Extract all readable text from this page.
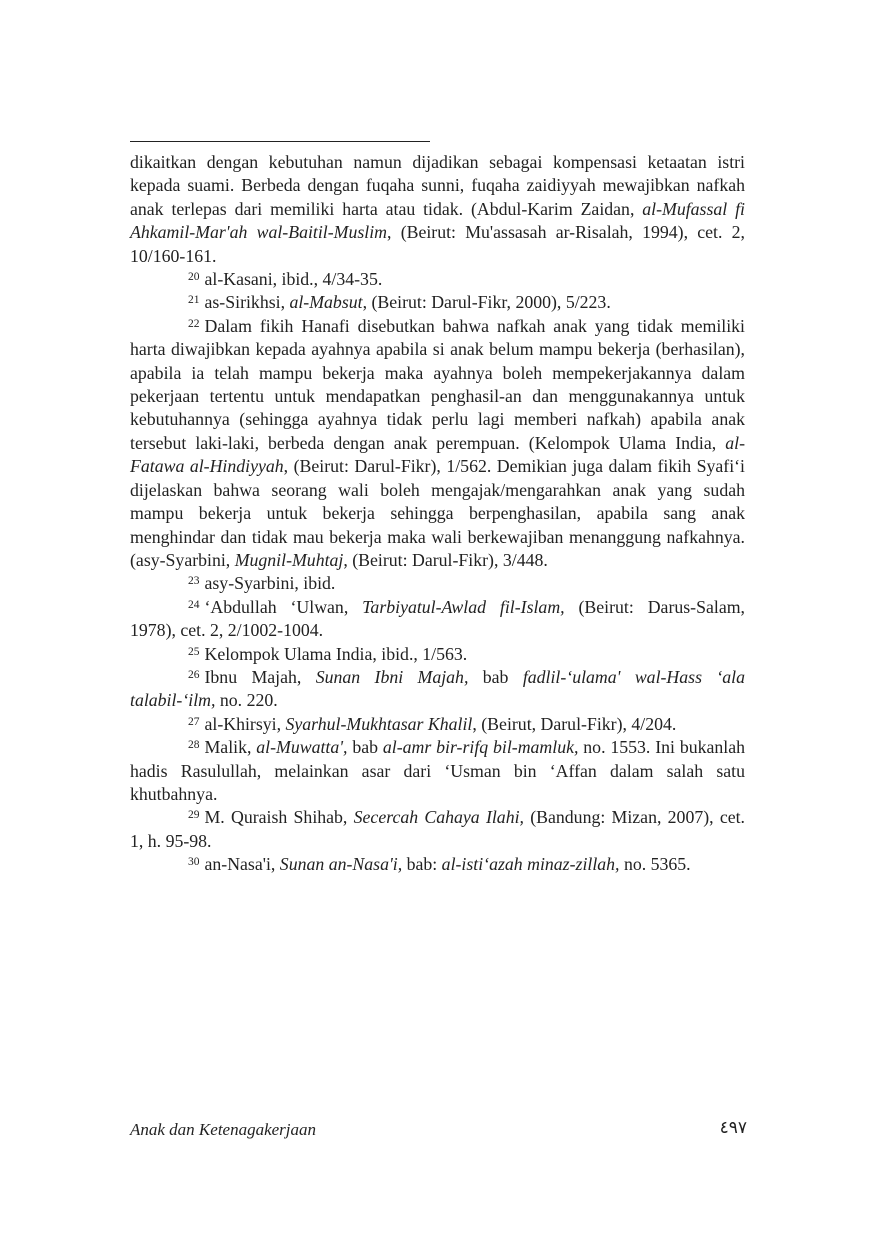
dikaitkan dengan kebutuhan namun dijadikan sebagai kompensasi ketaatan istri kepada suami. Berbeda dengan fuqaha sunni, fuqaha zaidiyyah mewajibkan nafkah anak terlepas dari memiliki harta atau tidak. (Abdul-Karim Zaidan, al-Mufassal fi Ahkamil-Mar'ah wal-Baitil-Muslim, (Beirut: Mu'assasah ar-Risalah, 1994), cet. 2, 10/160-161.

$^{20}$ al-Kasani, ibid., 4/34-35.

$^{21}$ as-Sirikhsi, al-Mabsut, (Beirut: Darul-Fikr, 2000), 5/223.

$^{22}$ Dalam fikih Hanafi disebutkan bahwa nafkah anak yang tidak memiliki harta diwajibkan kepada ayahnya apabila si anak belum mampu bekerja (berhasilan), apabila ia telah mampu bekerja maka ayahnya boleh mempekerjakannya dalam pekerjaan tertentu untuk mendapatkan penghasil-an dan menggunakannya untuk kebutuhannya (sehingga ayahnya tidak perlu lagi memberi nafkah) apabila anak tersebut laki-laki, berbeda dengan anak perempuan. (Kelompok Ulama India, al-Fatawa al-Hindiyyah, (Beirut: Darul-Fikr), 1/562. Demikian juga dalam fikih Syafi‘i dijelaskan bahwa seorang wali boleh mengajak/mengarahkan anak yang sudah mampu bekerja untuk bekerja sehingga berpenghasilan, apabila sang anak menghindar dan tidak mau bekerja maka wali berkewajiban menanggung nafkahnya. (asy-Syarbini, Mugnil-Muhtaj, (Beirut: Darul-Fikr), 3/448.

$^{23}$ asy-Syarbini, ibid.

$^{24}$ ‘Abdullah ‘Ulwan, Tarbiyatul-Awlad fil-Islam, (Beirut: Darus-Salam, 1978), cet. 2, 2/1002-1004.

$^{25}$ Kelompok Ulama India, ibid., 1/563.

$^{26}$ Ibnu Majah, Sunan Ibni Majah, bab fadlil-‘ulama' wal-Hass ‘ala talabil-‘ilm, no. 220.

$^{27}$ al-Khirsyi, Syarhul-Mukhtasar Khalil, (Beirut, Darul-Fikr), 4/204.

$^{28}$ Malik, al-Muwatta', bab al-amr bir-rifq bil-mamluk, no. 1553. Ini bukanlah hadis Rasulullah, melainkan asar dari ‘Usman bin ‘Affan dalam salah satu khutbahnya.

$^{29}$ M. Quraish Shihab, Secercah Cahaya Ilahi, (Bandung: Mizan, 2007), cet. 1, h. 95-98.

$^{30}$ an-Nasa'i, Sunan an-Nasa'i, bab: al-isti‘azah minaz-zillah, no. 5365.

Anak dan Ketenagakerjaan	٤٩٧
